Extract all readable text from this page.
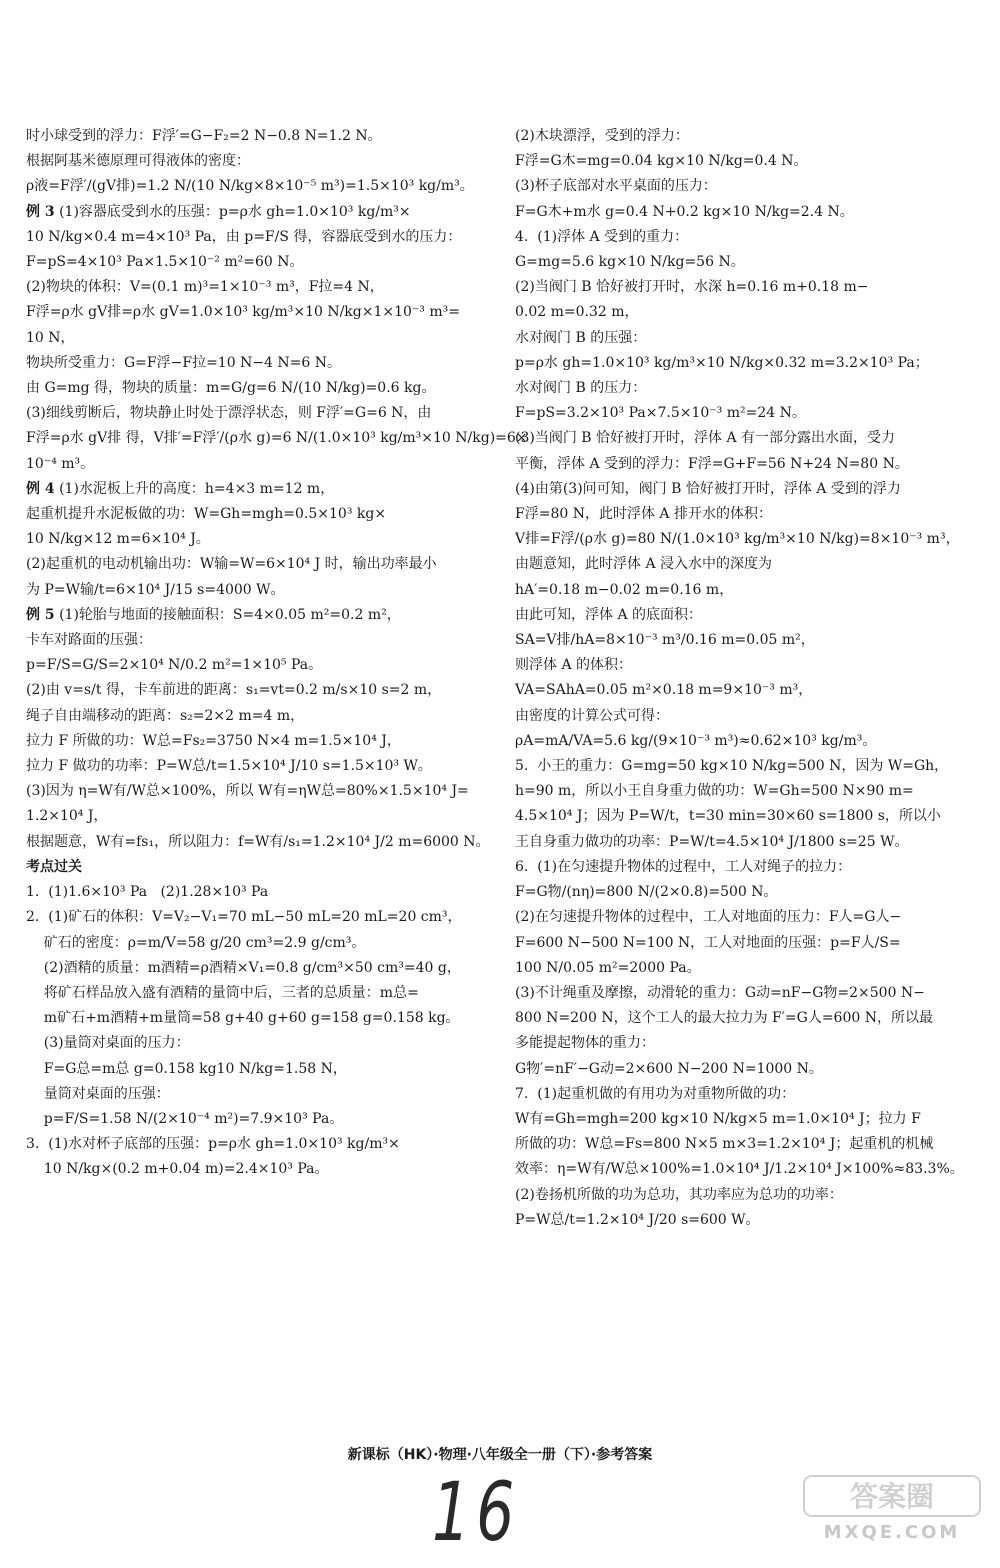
时小球受到的浮力：F浮′=G−F₂=2 N−0.8 N=1.2 N。
根据阿基米德原理可得液体的密度：
ρ液=F浮′/(gV排)=1.2 N/(10 N/kg×8×10⁻⁵ m³)=1.5×10³ kg/m³。
例 3 (1)容器底受到水的压强：p=ρ水 gh=1.0×10³ kg/m³×
10 N/kg×0.4 m=4×10³ Pa，由 p=F/S 得，容器底受到水的压力：
F=pS=4×10³ Pa×1.5×10⁻² m²=60 N。
(2)物块的体积：V=(0.1 m)³=1×10⁻³ m³，F拉=4 N，
F浮=ρ水 gV排=ρ水 gV=1.0×10³ kg/m³×10 N/kg×1×10⁻³ m³=
10 N，
物块所受重力：G=F浮−F拉=10 N−4 N=6 N。
由 G=mg 得，物块的质量：m=G/g=6 N/(10 N/kg)=0.6 kg。
(3)细线剪断后，物块静止时处于漂浮状态，则 F浮′=G=6 N，由
F浮=ρ水 gV排 得，V排′=F浮′/(ρ水 g)=6 N/(1.0×10³ kg/m³×10 N/kg)=6×
10⁻⁴ m³。
例 4 (1)水泥板上升的高度：h=4×3 m=12 m，
起重机提升水泥板做的功：W=Gh=mgh=0.5×10³ kg×
10 N/kg×12 m=6×10⁴ J。
(2)起重机的电动机输出功：W输=W=6×10⁴ J 时，输出功率最小
为 P=W输/t=6×10⁴ J/15 s=4000 W。
例 5 (1)轮胎与地面的接触面积：S=4×0.05 m²=0.2 m²，
卡车对路面的压强：
p=F/S=G/S=2×10⁴ N/0.2 m²=1×10⁵ Pa。
(2)由 v=s/t 得，卡车前进的距离：s₁=vt=0.2 m/s×10 s=2 m，
绳子自由端移动的距离：s₂=2×2 m=4 m，
拉力 F 所做的功：W总=Fs₂=3750 N×4 m=1.5×10⁴ J，
拉力 F 做功的功率：P=W总/t=1.5×10⁴ J/10 s=1.5×10³ W。
(3)因为 η=W有/W总×100%，所以 W有=ηW总=80%×1.5×10⁴ J=
1.2×10⁴ J，
根据题意，W有=fs₁，所以阻力：f=W有/s₁=1.2×10⁴ J/2 m=6000 N。
考点过关
1.  (1)1.6×10³ Pa   (2)1.28×10³ Pa
2.  (1)矿石的体积：V=V₂−V₁=70 mL−50 mL=20 mL=20 cm³，
矿石的密度：ρ=m/V=58 g/20 cm³=2.9 g/cm³。
(2)酒精的质量：m酒精=ρ酒精×V₁=0.8 g/cm³×50 cm³=40 g，
将矿石样品放入盛有酒精的量筒中后，三者的总质量：m总=
m矿石+m酒精+m量筒=58 g+40 g+60 g=158 g=0.158 kg。
(3)量筒对桌面的压力：
F=G总=m总 g=0.158 kg10 N/kg=1.58 N，
量筒对桌面的压强：
p=F/S=1.58 N/(2×10⁻⁴ m²)=7.9×10³ Pa。
3.  (1)水对杯子底部的压强：p=ρ水 gh=1.0×10³ kg/m³×
10 N/kg×(0.2 m+0.04 m)=2.4×10³ Pa。
(2)木块漂浮，受到的浮力：
F浮=G木=mg=0.04 kg×10 N/kg=0.4 N。
(3)杯子底部对水平桌面的压力：
F=G木+m水 g=0.4 N+0.2 kg×10 N/kg=2.4 N。
4.  (1)浮体 A 受到的重力：
G=mg=5.6 kg×10 N/kg=56 N。
(2)当阀门 B 恰好被打开时，水深 h=0.16 m+0.18 m−
0.02 m=0.32 m，
水对阀门 B 的压强：
p=ρ水 gh=1.0×10³ kg/m³×10 N/kg×0.32 m=3.2×10³ Pa；
水对阀门 B 的压力：
F=pS=3.2×10³ Pa×7.5×10⁻³ m²=24 N。
(3)当阀门 B 恰好被打开时，浮体 A 有一部分露出水面，受力
平衡，浮体 A 受到的浮力：F浮=G+F=56 N+24 N=80 N。
(4)由第(3)问可知，阀门 B 恰好被打开时，浮体 A 受到的浮力
F浮=80 N，此时浮体 A 排开水的体积：
V排=F浮/(ρ水 g)=80 N/(1.0×10³ kg/m³×10 N/kg)=8×10⁻³ m³，
由题意知，此时浮体 A 浸入水中的深度为
hA′=0.18 m−0.02 m=0.16 m，
由此可知，浮体 A 的底面积：
SA=V排/hA=8×10⁻³ m³/0.16 m=0.05 m²，
则浮体 A 的体积：
VA=SAhA=0.05 m²×0.18 m=9×10⁻³ m³，
由密度的计算公式可得：
ρA=mA/VA=5.6 kg/(9×10⁻³ m³)≈0.62×10³ kg/m³。
5.  小王的重力：G=mg=50 kg×10 N/kg=500 N，因为 W=Gh，
h=90 m，所以小王自身重力做的功：W=Gh=500 N×90 m=
4.5×10⁴ J；因为 P=W/t，t=30 min=30×60 s=1800 s，所以小
王自身重力做功的功率：P=W/t=4.5×10⁴ J/1800 s=25 W。
6.  (1)在匀速提升物体的过程中，工人对绳子的拉力：
F=G物/(nη)=800 N/(2×0.8)=500 N。
(2)在匀速提升物体的过程中，工人对地面的压力：F人=G人−
F=600 N−500 N=100 N，工人对地面的压强：p=F人/S=
100 N/0.05 m²=2000 Pa。
(3)不计绳重及摩擦，动滑轮的重力：G动=nF−G物=2×500 N−
800 N=200 N，这个工人的最大拉力为 F′=G人=600 N，所以最
多能提起物体的重力：
G物′=nF′−G动=2×600 N−200 N=1000 N。
7.  (1)起重机做的有用功为对重物所做的功：
W有=Gh=mgh=200 kg×10 N/kg×5 m=1.0×10⁴ J；拉力 F
所做的功：W总=Fs=800 N×5 m×3=1.2×10⁴ J；起重机的机械
效率：η=W有/W总×100%=1.0×10⁴ J/1.2×10⁴ J×100%≈83.3%。
(2)卷扬机所做的功为总功，其功率应为总功的功率：
P=W总/t=1.2×10⁴ J/20 s=600 W。
新课标（HK）·物理·八年级全一册（下）·参考答案
16	答案圈
MXQE.COM
